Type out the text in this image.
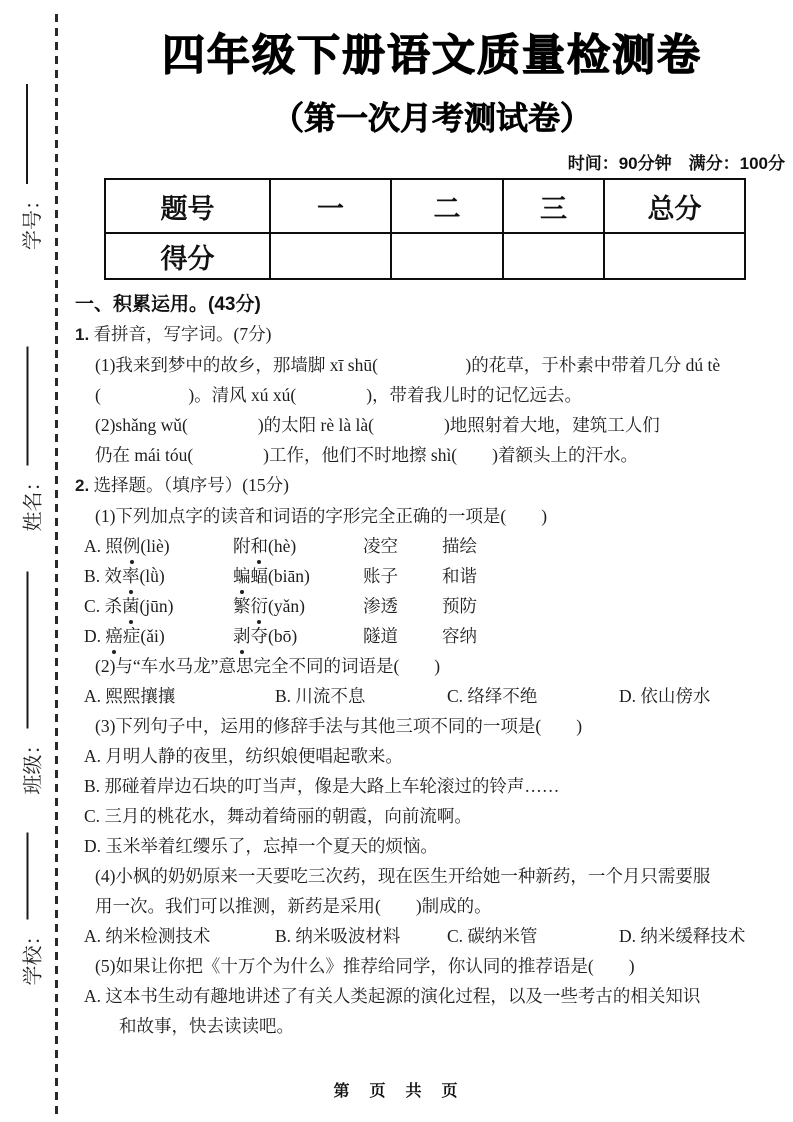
学号：
姓名：
班级：
学校：
四年级下册语文质量检测卷
（第一次月考测试卷）
时间：90分钟　满分：100分
题号	一	二	三	总分
得分				
一、积累运用。(43分)
1. 看拼音，写字词。(7分)
(1)我来到梦中的故乡，那墙脚 xī shū(　　　　　)的花草，于朴素中带着几分 dú tè
(　　　　　)。清风 xú xú(　　　　)，带着我儿时的记忆远去。
(2)shǎng wǔ(　　　　)的太阳 rè là là(　　　　)地照射着大地，建筑工人们
仍在 mái tóu(　　　　)工作，他们不时地擦 shì(　　)着额头上的汗水。
2. 选择题。（填序号）(15分)
(1)下列加点字的读音和词语的字形完全正确的一项是(　　)
A. 照例(liè)	附和(hè)	凌空	描绘
B. 效率(lǜ)	蝙蝠(biān)	账子	和谐
C. 杀菌(jūn)	繁衍(yǎn)	渗透	预防
D. 癌症(ǎi)	剥夺(bō)	隧道	容纳
(2)与“车水马龙”意思完全不同的词语是(　　)
A. 熙熙攘攘	B. 川流不息	C. 络绎不绝	D. 依山傍水
(3)下列句子中，运用的修辞手法与其他三项不同的一项是(　　)
A. 月明人静的夜里，纺织娘便唱起歌来。
B. 那碰着岸边石块的叮当声，像是大路上车轮滚过的铃声……
C. 三月的桃花水，舞动着绮丽的朝霞，向前流啊。
D. 玉米举着红缨乐了，忘掉一个夏天的烦恼。
(4)小枫的奶奶原来一天要吃三次药，现在医生开给她一种新药，一个月只需要服
用一次。我们可以推测，新药是采用(　　)制成的。
A. 纳米检测技术	B. 纳米吸波材料	C. 碳纳米管	D. 纳米缓释技术
(5)如果让你把《十万个为什么》推荐给同学，你认同的推荐语是(　　)
A. 这本书生动有趣地讲述了有关人类起源的演化过程，以及一些考古的相关知识
和故事，快去读读吧。
第　页　共　页
